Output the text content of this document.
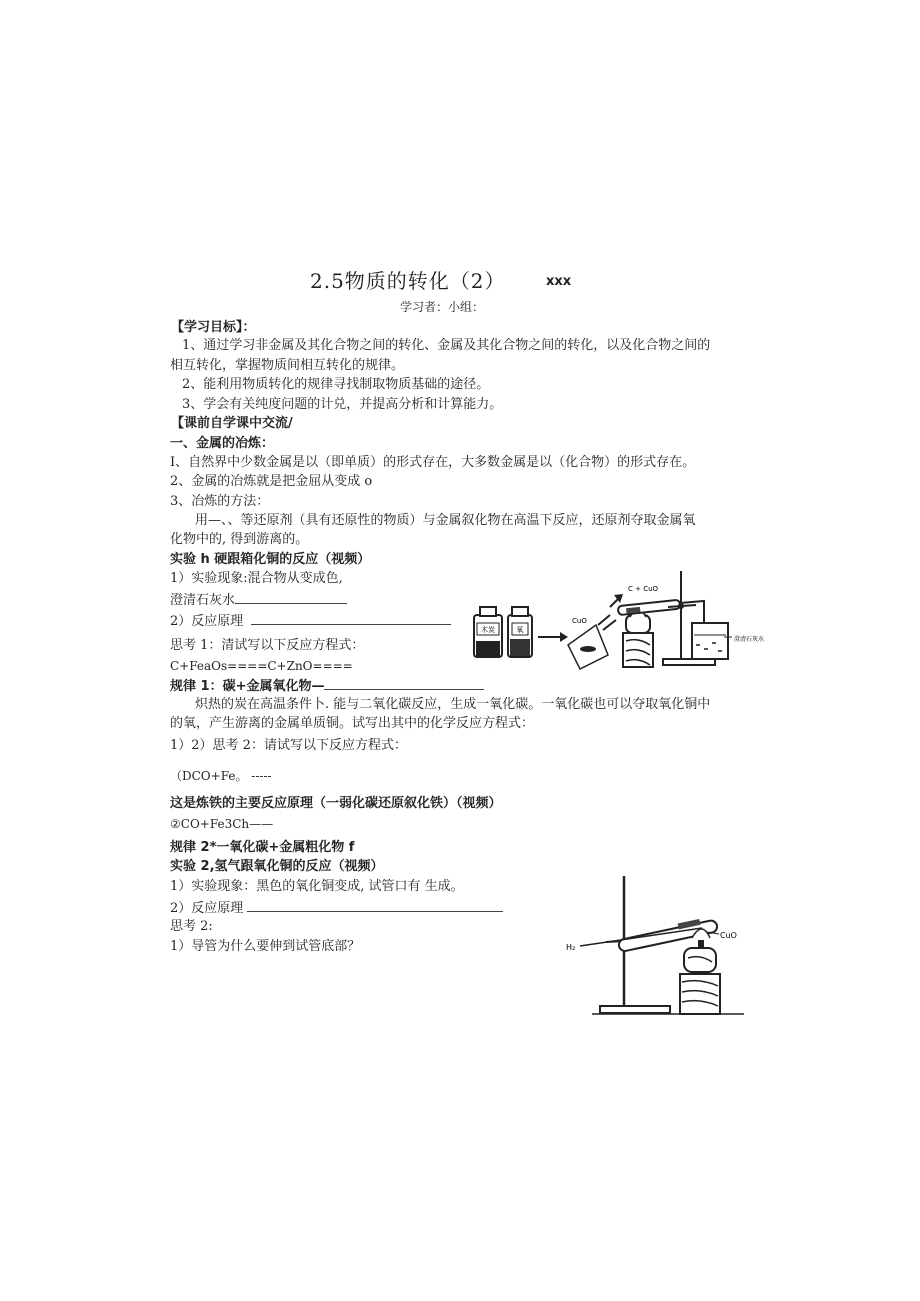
2.5物质的转化（2）	xxx
学习者：小组：
【学习目标】：
1、通过学习非金属及其化合物之间的转化、金属及其化合物之间的转化，以及化合物之间的
相互转化，掌握物质间相互转化的规律。
2、能利用物质转化的规律寻找制取物质基础的途径。
3、学会有关纯度问题的计兑，并提高分析和计算能力。
【课前自学课中交流/
一、金属的冶炼：
I、自然界中少数金属是以（即单质）的形式存在，大多数金属是以（化合物）的形式存在。
2、金属的冶炼就是把金屈从变成 o
3、冶炼的方法：
用—、、等还原剂（具有还原性的物质）与金属叙化物在高温下反应，还原剂夺取金属氧
化物中的, 得到游离的。
实验 h 硬跟箱化铜的反应（视频）
1）实验现象:混合物从变成色,
澄清石灰水
2）反应原理
思考 1：清试写以下反应方程式：
C+FeaOs====C+ZnO====
规律 1：碳+金属氧化物—
炽热的炭在高温条件卜. 能与二氧化碳反应，生成一氧化碳。一氧化碳也可以夺取氧化铜中
的氧，产生游离的金属单质铜。试写出其中的化学反应方程式：
1）2）思考 2：请试写以下反应方程式：
（DCO+Fe。 -----
这是炼铁的主要反应原理（一弱化碳还原叙化铁）（视频）
②CO+Fe3Ch——
规律 2*一氧化碳+金属粗化物 f
实验 2,氢气跟氧化铜的反应（视频）
1）实验现象：黑色的氧化铜变成, 试管口有 生成。
2）反应原理
思考 2:
1）导管为什么要伸到试管底部？
木炭	氧
CuO
C + CuO
澄清石灰水
H₂
CuO
